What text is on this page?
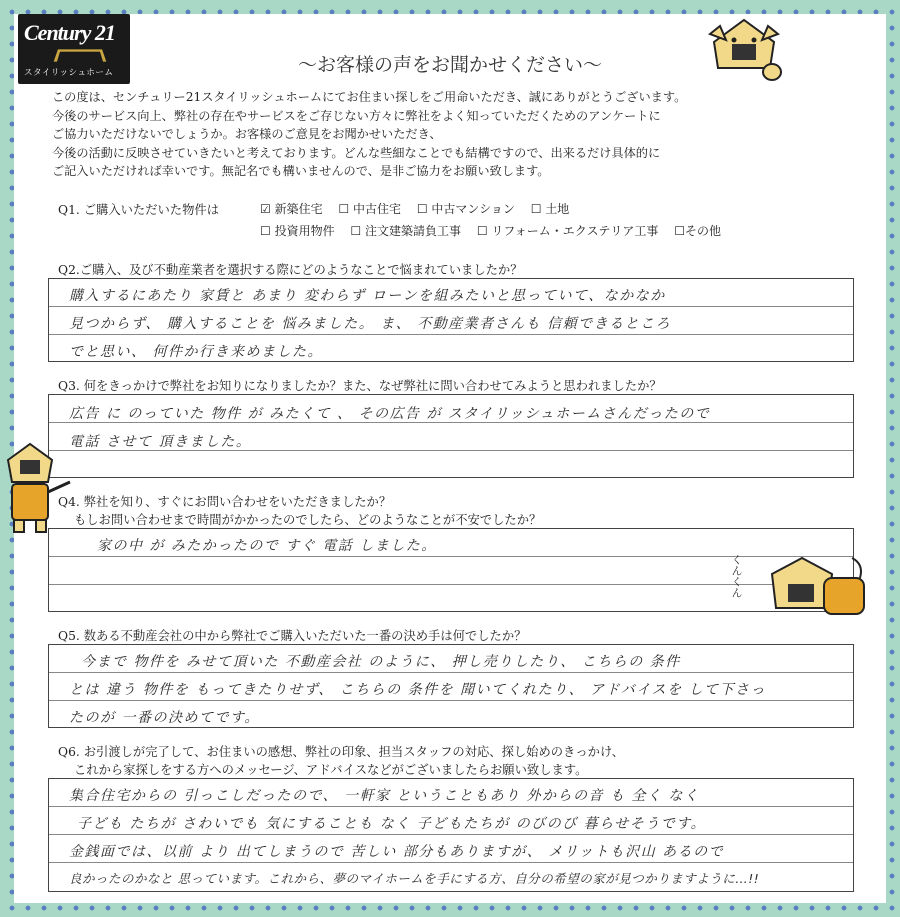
Century 21
スタイリッシュホーム	〜お客様の声をお聞かせください〜

この度は、センチュリー21スタイリッシュホームにてお住まい探しをご用命いただき、誠にありがとうございます。

今後のサービス向上、弊社の存在やサービスをご存じない方々に弊社をよく知っていただくためのアンケートに

ご協力いただけないでしょうか。お客様のご意見をお聞かせいただき、

今後の活動に反映させていきたいと考えております。どんな些細なことでも結構ですので、出来るだけ具体的に

ご記入いただければ幸いです。無記名でも構いませんので、是非ご協力をお願い致します。

Q1. ご購入いただいた物件は	☑ 新築住宅 ☐ 中古住宅 ☐ 中古マンション ☐ 土地
☐ 投資用物件 ☐ 注文建築請負工事 ☐ リフォーム・エクステリア工事 ☐その他
Q2.ご購入、及び不動産業者を選択する際にどのようなことで悩まれていましたか？
購入するにあたり 家賃と あまり 変わらず ローンを組みたいと思っていて、なかなか
見つからず、 購入することを 悩みました。 ま、 不動産業者さんも 信頼できるところ
でと思い、 何件か行き来めました。
Q3. 何をきっかけで弊社をお知りになりましたか？また、なぜ弊社に問い合わせてみようと思われましたか？
広告 に のっていた 物件 が みたくて 、 その広告 が スタイリッシュホームさんだったので
電話 させて 頂きました。
Q4. 弊社を知り、すぐにお問い合わせをいただきましたか？
もしお問い合わせまで時間がかかったのでしたら、どのようなことが不安でしたか？
家の中 が みたかったので すぐ 電話 しました。
くんくん
Q5. 数ある不動産会社の中から弊社でご購入いただいた一番の決め手は何でしたか？
今まで 物件を みせて頂いた 不動産会社 のように、 押し売りしたり、 こちらの 条件
とは 違う 物件を もってきたりせず、 こちらの 条件を 聞いてくれたり、 アドバイスを して下さっ
たのが 一番の決めてです。
Q6. お引渡しが完了して、お住まいの感想、弊社の印象、担当スタッフの対応、探し始めのきっかけ、
これから家探しをする方へのメッセージ、アドバイスなどがございましたらお願い致します。
集合住宅からの 引っこしだったので、 一軒家 ということもあり 外からの音 も 全く なく
子ども たちが さわいでも 気にすることも なく 子どもたちが のびのび 暮らせそうです。
金銭面では、以前 より 出てしまうので 苦しい 部分もありますが、 メリットも沢山 あるので
良かったのかなと 思っています。これから、夢のマイホームを手にする方、自分の希望の家が見つかりますように…!!
